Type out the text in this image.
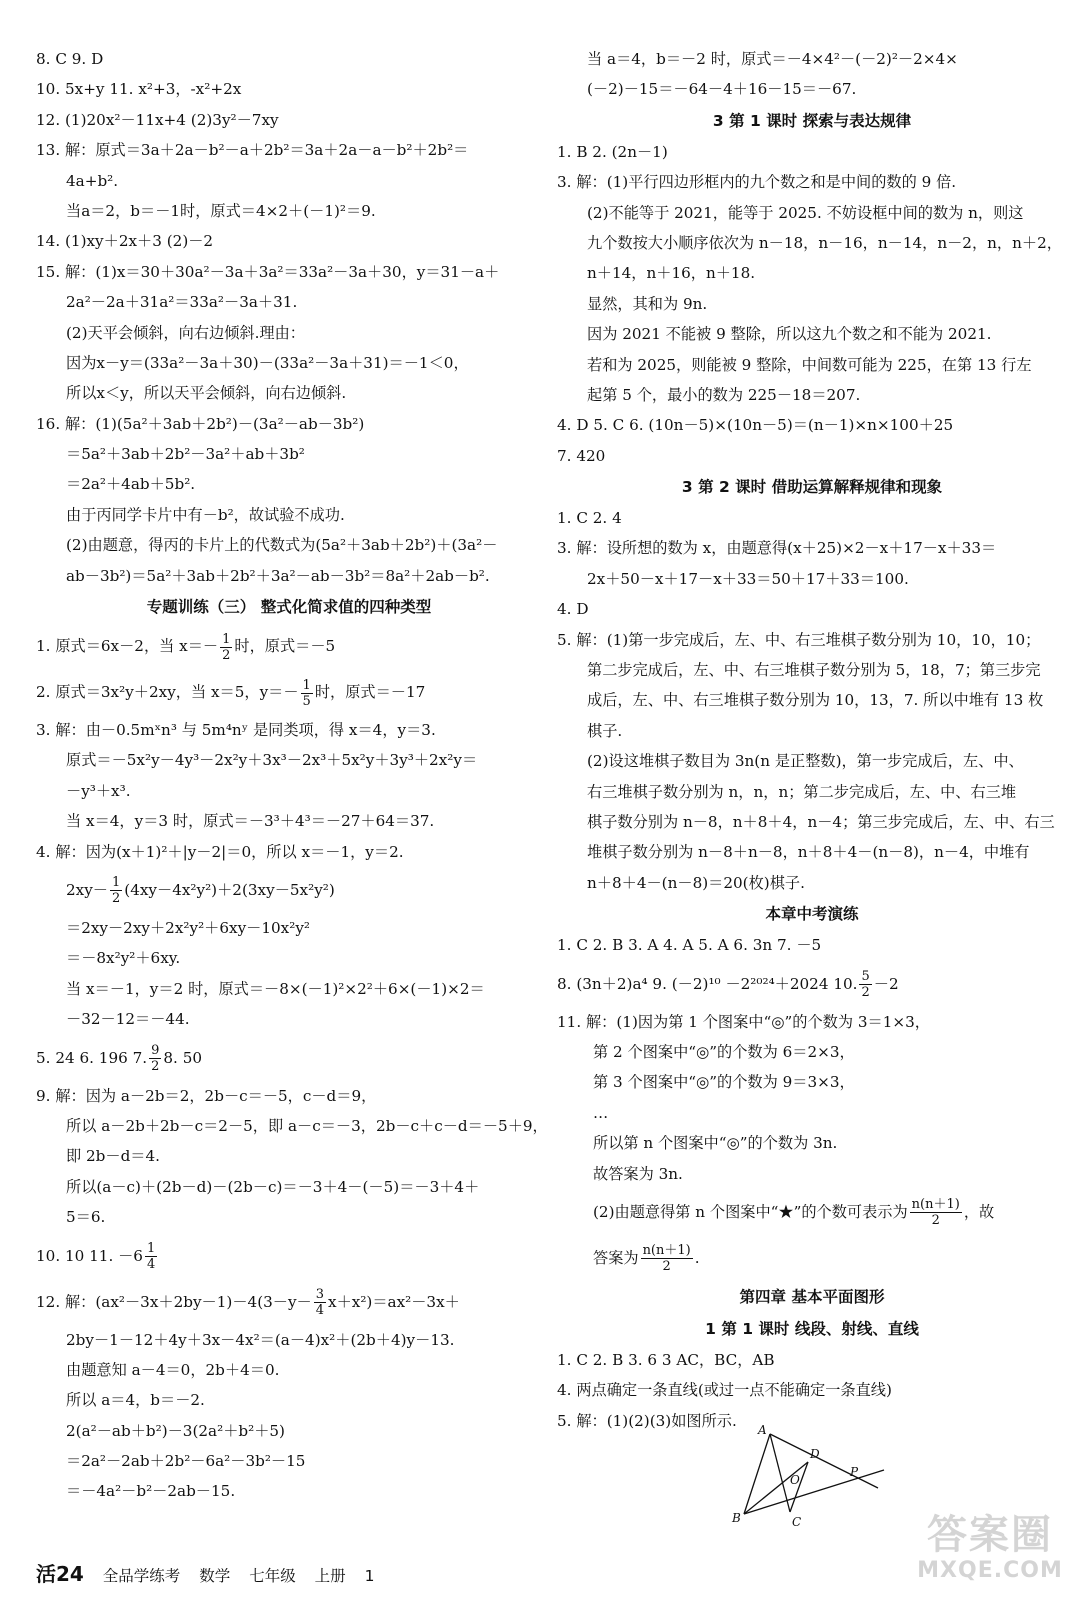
8. C 9. D
10. 5x+y 11. x²+3，-x²+2x
12. (1)20x²－11x+4 (2)3y²－7xy
13. 解：原式＝3a＋2a－b²－a＋2b²＝3a＋2a－a－b²＋2b²＝
4a+b².
当a＝2，b＝－1时，原式＝4×2＋(－1)²＝9.
14. (1)xy＋2x＋3 (2)－2
15. 解：(1)x＝30＋30a²－3a＋3a²＝33a²－3a＋30，y＝31－a＋
2a²－2a＋31a²＝33a²－3a＋31.
(2)天平会倾斜，向右边倾斜.理由：
因为x－y＝(33a²－3a＋30)－(33a²－3a＋31)＝－1＜0，
所以x＜y，所以天平会倾斜，向右边倾斜.
16. 解：(1)(5a²＋3ab＋2b²)－(3a²－ab－3b²)
＝5a²＋3ab＋2b²－3a²＋ab＋3b²
＝2a²＋4ab＋5b².
由于丙同学卡片中有－b²，故试验不成功.
(2)由题意，得丙的卡片上的代数式为(5a²＋3ab＋2b²)＋(3a²－
ab－3b²)＝5a²＋3ab＋2b²＋3a²－ab－3b²＝8a²＋2ab－b².
专题训练（三） 整式化简求值的四种类型
1. 原式＝6x－2，当 $x=- \frac{1}{2}$ 时，原式＝－5
2. 原式＝3x²y＋2xy，当 x＝5，$y=- \frac{1}{5}$ 时，原式＝－17
3. 解：由－0.5mˣn³ 与 5m⁴nʸ 是同类项，得 x＝4，y＝3.
原式＝－5x²y－4y³－2x²y＋3x³－2x³＋5x²y＋3y³＋2x²y＝
－y³＋x³.
当 x＝4，y＝3 时，原式＝－3³＋4³＝－27＋64＝37.
4. 解：因为(x＋1)²＋|y－2|＝0，所以 x＝－1，y＝2.
$2xy- \frac{1}{2} (4xy-4x^2y^2)+2(3xy-5x^2y^2)$
＝2xy－2xy＋2x²y²＋6xy－10x²y²
＝－8x²y²＋6xy.
当 x＝－1，y＝2 时，原式＝－8×(－1)²×2²＋6×(－1)×2＝
－32－12＝－44.
5. 24 6. 196 7. $\frac{9}{2} 8$. 50
9. 解：因为 a－2b＝2，2b－c＝－5，c－d＝9，
所以 a－2b＋2b－c＝2－5，即 a－c＝－3，2b－c＋c－d＝－5＋9，
即 2b－d＝4.
所以(a－c)＋(2b－d)－(2b－c)＝－3＋4－(－5)＝－3＋4＋
5＝6.
10. 10 11. $-6 \frac{1}{4}$
12. 解：$(ax^2-3x+2by-1)-4(3-y- \frac{3}{4} x+x^2)=ax^2-3x+$
2by－1－12＋4y＋3x－4x²＝(a－4)x²＋(2b＋4)y－13.
由题意知 a－4＝0，2b＋4＝0.
所以 a＝4，b＝－2.
2(a²－ab＋b²)－3(2a²＋b²＋5)
＝2a²－2ab＋2b²－6a²－3b²－15
＝－4a²－b²－2ab－15.
当 a＝4，b＝－2 时，原式＝－4×4²－(－2)²－2×4×
(－2)－15＝－64－4＋16－15＝－67.
3 第 1 课时 探索与表达规律
1. B 2. (2n－1)
3. 解：(1)平行四边形框内的九个数之和是中间的数的 9 倍.
(2)不能等于 2021，能等于 2025. 不妨设框中间的数为 n，则这
九个数按大小顺序依次为 n－18，n－16，n－14，n－2，n，n＋2，
n＋14，n＋16，n＋18.
显然，其和为 9n.
因为 2021 不能被 9 整除，所以这九个数之和不能为 2021.
若和为 2025，则能被 9 整除，中间数可能为 225，在第 13 行左
起第 5 个，最小的数为 225－18＝207.
4. D 5. C 6. (10n－5)×(10n－5)＝(n－1)×n×100＋25
7. 420
3 第 2 课时 借助运算解释规律和现象
1. C 2. 4
3. 解：设所想的数为 x，由题意得(x＋25)×2－x＋17－x＋33＝
2x＋50－x＋17－x＋33＝50＋17＋33＝100.
4. D
5. 解：(1)第一步完成后，左、中、右三堆棋子数分别为 10，10，10；
第二步完成后，左、中、右三堆棋子数分别为 5，18，7；第三步完
成后，左、中、右三堆棋子数分别为 10，13，7. 所以中堆有 13 枚
棋子.
(2)设这堆棋子数目为 3n(n 是正整数)，第一步完成后，左、中、
右三堆棋子数分别为 n，n，n；第二步完成后，左、中、右三堆
棋子数分别为 n－8，n＋8＋4，n－4；第三步完成后，左、中、右三
堆棋子数分别为 n－8＋n－8，n＋8＋4－(n－8)，n－4，中堆有
n＋8＋4－(n－8)＝20(枚)棋子.
本章中考演练
1. C 2. B 3. A 4. A 5. A 6. 3n 7. －5
8. (3n＋2)a⁴ 9. (－2)¹⁰ －2²⁰²⁴＋2024 10. $\frac{5}{2} -2$
11. 解：(1)因为第 1 个图案中“◎”的个数为 3＝1×3，
第 2 个图案中“◎”的个数为 6＝2×3，
第 3 个图案中“◎”的个数为 9＝3×3，
…
所以第 n 个图案中“◎”的个数为 3n.
故答案为 3n.
(2)由题意得第 n 个图案中“★”的个数可表示为 $\frac{n(n+1)}{2}$ ，故
答案为 $\frac{n(n+1)}{2}$ .
第四章 基本平面图形
1 第 1 课时 线段、射线、直线
1. C 2. B 3. 6 3 AC，BC，AB
4. 两点确定一条直线(或过一点不能确定一条直线)
5. 解：(1)(2)(3)如图所示.
A
B	C
D
O
P
活24 全品学练考 数学 七年级 上册 1
答案圈
MXQE.COM
